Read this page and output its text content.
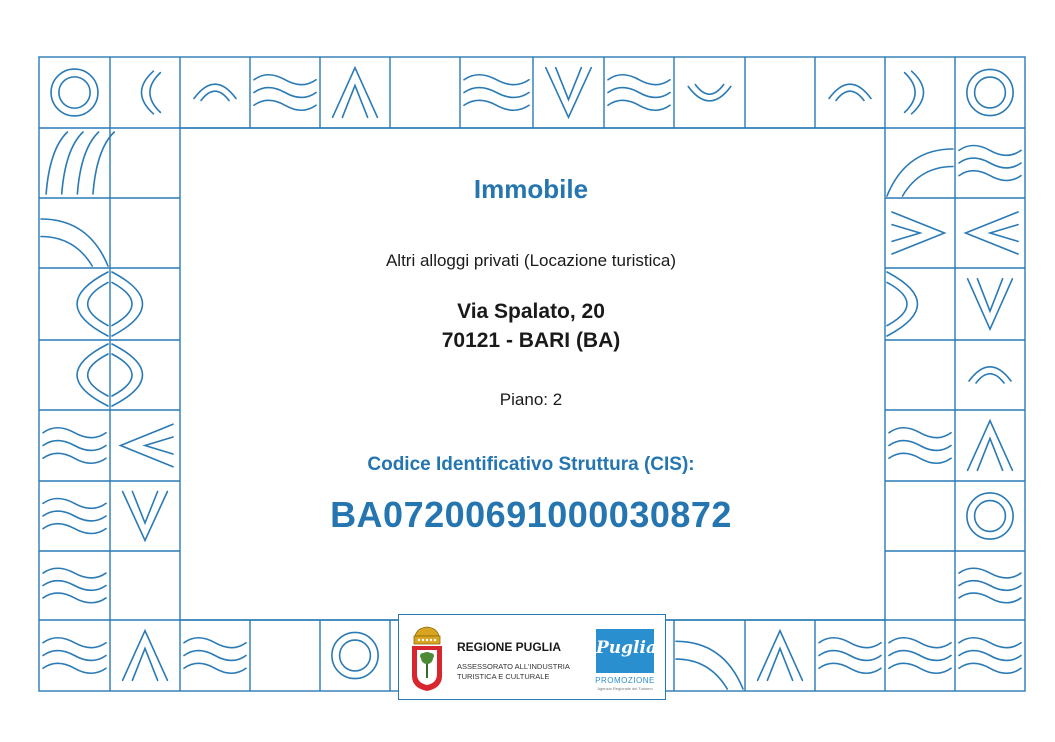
Immobile
Altri alloggi privati (Locazione turistica)
Via Spalato, 20
70121 - BARI (BA)
Piano: 2
Codice Identificativo Struttura (CIS):
BA07200691000030872
REGIONE PUGLIA
ASSESSORATO ALL'INDUSTRIA
TURISTICA E CULTURALE
Puglia
PROMOZIONE
Agenzia Regionale del Turismo
